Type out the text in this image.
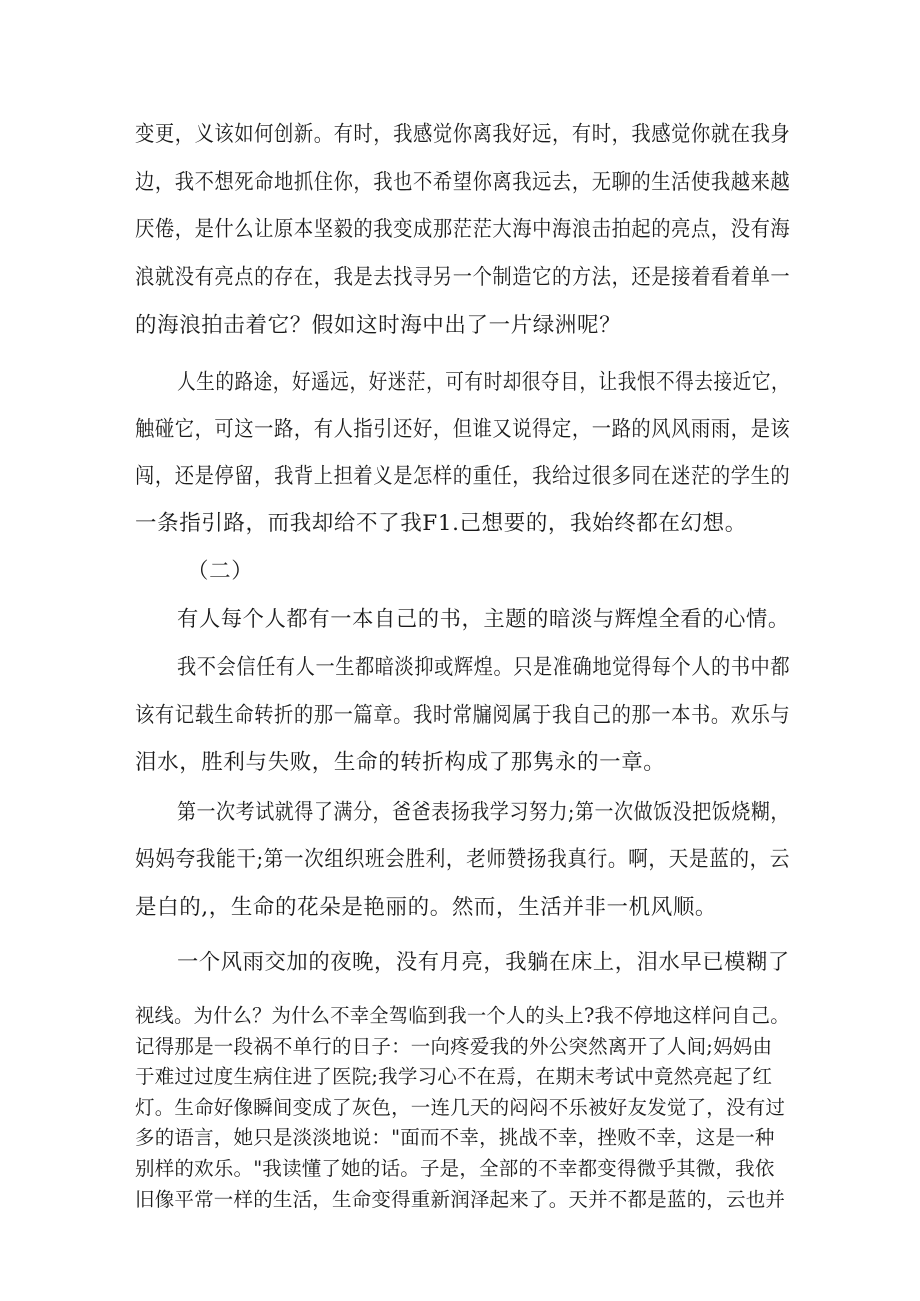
变更，义该如何创新。有时，我感觉你离我好远，有时，我感觉你就在我身
边，我不想死命地抓住你，我也不希望你离我远去，无聊的生活使我越来越
厌倦，是什么让原本坚毅的我变成那茫茫大海中海浪击拍起的亮点，没有海
浪就没有亮点的存在，我是去找寻另一个制造它的方法，还是接着看着单一
的海浪拍击着它？假如这时海中出了一片绿洲呢？
人生的路途，好遥远，好迷茫，可有时却很夺目，让我恨不得去接近它，
触碰它，可这一路，有人指引还好，但谁又说得定，一路的风风雨雨，是该
闯，还是停留，我背上担着义是怎样的重任，我给过很多同在迷茫的学生的
一条指引路，而我却给不了我F1.己想要的，我始终都在幻想。
（二）
有人每个人都有一本自己的书，主题的暗淡与辉煌全看的心情。
我不会信任有人一生都暗淡抑或辉煌。只是准确地觉得每个人的书中都
该有记载生命转折的那一篇章。我时常牖阅属于我自己的那一本书。欢乐与
泪水，胜利与失败，生命的转折构成了那隽永的一章。
第一次考试就得了满分，爸爸表扬我学习努力;第一次做饭没把饭烧糊，
妈妈夸我能干;第一次组织班会胜利，老师赞扬我真行。啊，天是蓝的，云
是白的,，生命的花朵是艳丽的。然而，生活并非一机风顺。
一个风雨交加的夜晚，没有月亮，我躺在床上，泪水早已模糊了
视线。为什么？为什么不幸全驾临到我一个人的头上?我不停地这样问自己。
记得那是一段祸不单行的日子：一向疼爱我的外公突然离开了人间;妈妈由
于难过过度生病住进了医院;我学习心不在焉，在期末考试中竟然亮起了红
灯。生命好像瞬间变成了灰色，一连几天的闷闷不乐被好友发觉了，没有过
多的语言，她只是淡淡地说："面而不幸，挑战不幸，挫败不幸，这是一种
别样的欢乐。"我读懂了她的话。子是，全部的不幸都变得微乎其微，我依
旧像平常一样的生活，生命变得重新润泽起来了。天并不都是蓝的，云也并
